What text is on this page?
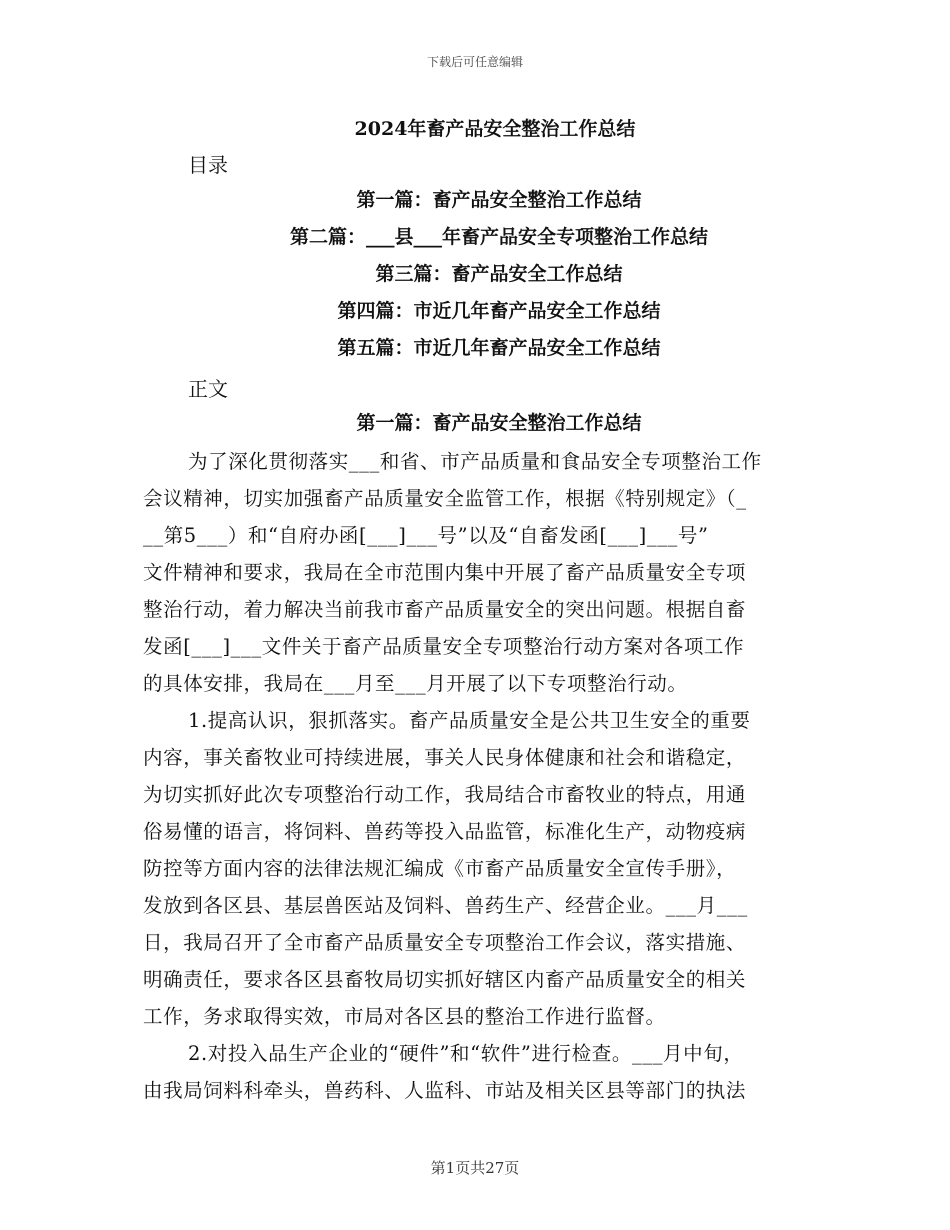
下载后可任意编辑
2024年畜产品安全整治工作总结
目录
第一篇：畜产品安全整治工作总结
第二篇：___县___年畜产品安全专项整治工作总结
第三篇：畜产品安全工作总结
第四篇：市近几年畜产品安全工作总结
第五篇：市近几年畜产品安全工作总结
正文
第一篇：畜产品安全整治工作总结
为了深化贯彻落实___和省、市产品质量和食品安全专项整治工作
会议精神，切实加强畜产品质量安全监管工作，根据《特别规定》（_
__第5___）和“自府办函[___]___号”以及“自畜发函[___]___号”
文件精神和要求，我局在全市范围内集中开展了畜产品质量安全专项
整治行动，着力解决当前我市畜产品质量安全的突出问题。根据自畜
发函[___]___文件关于畜产品质量安全专项整治行动方案对各项工作
的具体安排，我局在___月至___月开展了以下专项整治行动。
1.提高认识，狠抓落实。畜产品质量安全是公共卫生安全的重要
内容，事关畜牧业可持续进展，事关人民身体健康和社会和谐稳定，
为切实抓好此次专项整治行动工作，我局结合市畜牧业的特点，用通
俗易懂的语言，将饲料、兽药等投入品监管，标准化生产，动物疫病
防控等方面内容的法律法规汇编成《市畜产品质量安全宣传手册》，
发放到各区县、基层兽医站及饲料、兽药生产、经营企业。___月___
日，我局召开了全市畜产品质量安全专项整治工作会议，落实措施、
明确责任，要求各区县畜牧局切实抓好辖区内畜产品质量安全的相关
工作，务求取得实效，市局对各区县的整治工作进行监督。
2.对投入品生产企业的“硬件”和“软件”进行检查。___月中旬，
由我局饲料科牵头，兽药科、人监科、市站及相关区县等部门的执法
第1页共27页
